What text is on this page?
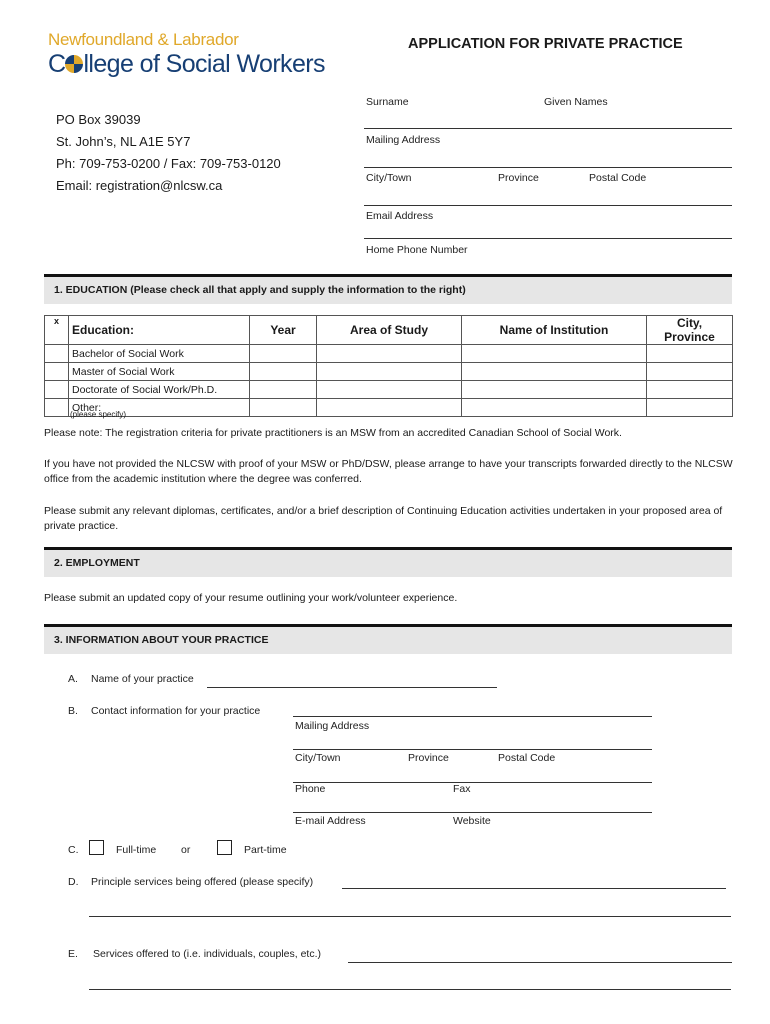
Newfoundland & Labrador
C llege of Social Workers
APPLICATION FOR PRIVATE PRACTICE
PO Box 39039
St. John’s, NL A1E 5Y7
Ph: 709-753-0200 / Fax: 709-753-0120
Email: registration@nlcsw.ca
Surname	Given Names
Mailing Address
City/Town	Province	Postal Code
Email Address
Home Phone Number
1. EDUCATION (Please check all that apply and supply the information to the right)
x	Education:	Year	Area of Study	Name of Institution	City, Province
	Bachelor of Social Work				
	Master of Social Work				
	Doctorate of Social Work/Ph.D.				
	Other:				
(please specify)
Please note: The registration criteria for private practitioners is an MSW from an accredited Canadian School of Social Work.
If you have not provided the NLCSW with proof of your MSW or PhD/DSW, please arrange to have your transcripts forwarded directly to the NLCSW office from the academic institution where the degree was conferred.
Please submit any relevant diplomas, certificates, and/or a brief description of Continuing Education activities undertaken in your proposed area of private practice.
2. EMPLOYMENT
Please submit an updated copy of your resume outlining your work/volunteer experience.
3. INFORMATION ABOUT YOUR PRACTICE
A. Name of your practice
B. Contact information for your practice
Mailing Address
City/Town	Province	Postal Code
Phone	Fax
E-mail Address	Website
C.	Full-time or	Part-time
D. Principle services being offered (please specify)
E. Services offered to (i.e. individuals, couples, etc.)
